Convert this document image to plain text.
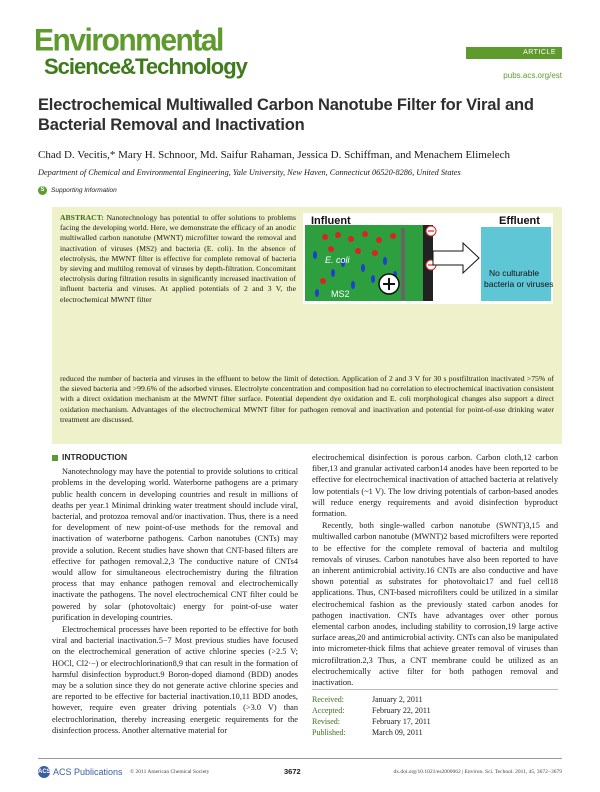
Environmental
Science&Technology
ARTICLE
pubs.acs.org/est
Electrochemical Multiwalled Carbon Nanotube Filter for Viral and Bacterial Removal and Inactivation
Chad D. Vecitis,* Mary H. Schnoor, Md. Saifur Rahaman, Jessica D. Schiffman, and Menachem Elimelech
Department of Chemical and Environmental Engineering, Yale University, New Haven, Connecticut 06520-8286, United States
S	Supporting Information
ABSTRACT: Nanotechnology has potential to offer solutions to problems facing the developing world. Here, we demonstrate the efficacy of an anodic multiwalled carbon nanotube (MWNT) microfilter toward the removal and inactivation of viruses (MS2) and bacteria (E. coli). In the absence of electrolysis, the MWNT filter is effective for complete removal of bacteria by sieving and multilog removal of viruses by depth-filtration. Concomitant electrolysis during filtration results in significantly increased inactivation of influent bacteria and viruses. At applied potentials of 2 and 3 V, the electrochemical MWNT filter
reduced the number of bacteria and viruses in the effluent to below the limit of detection. Application of 2 and 3 V for 30 s postfiltration inactivated >75% of the sieved bacteria and >99.6% of the adsorbed viruses. Electrolyte concentration and composition had no correlation to electrochemical inactivation consistent with a direct oxidation mechanism at the MWNT filter surface. Potential dependent dye oxidation and E. coli morphological changes also support a direct oxidation mechanism. Advantages of the electrochemical MWNT filter for pathogen removal and inactivation and potential for point-of-use drinking water treatment are discussed.
Influent
E. coli
MS2
Effluent
No culturable
bacteria or viruses
INTRODUCTION

Nanotechnology may have the potential to provide solutions to critical problems in the developing world. Waterborne pathogens are a primary public health concern in developing countries and result in millions of deaths per year.1 Minimal drinking water treatment should include viral, bacterial, and protozoa removal and/or inactivation. Thus, there is a need for development of new point-of-use methods for the removal and inactivation of waterborne pathogens. Carbon nanotubes (CNTs) may provide a solution. Recent studies have shown that CNT-based filters are effective for pathogen removal.2,3 The conductive nature of CNTs4 would allow for simultaneous electrochemistry during the filtration process that may enhance pathogen removal and electrochemically inactivate the pathogens. The novel electrochemical CNT filter could be powered by solar (photovoltaic) energy for point-of-use water purification in developing countries.

Electrochemical processes have been reported to be effective for both viral and bacterial inactivation.5−7 Most previous studies have focused on the electrochemical generation of active chlorine species (>2.5 V; HOCl, Cl2·−) or electrochlorination8,9 that can result in the formation of harmful disinfection byproduct.9 Boron-doped diamond (BDD) anodes may be a solution since they do not generate active chlorine species and are reported to be effective for bacterial inactivation.10,11 BDD anodes, however, require even greater driving potentials (>3.0 V) than electrochlorination, thereby increasing energetic requirements for the disinfection process. Another alternative material for

electrochemical disinfection is porous carbon. Carbon cloth,12 carbon fiber,13 and granular activated carbon14 anodes have been reported to be effective for electrochemical inactivation of attached bacteria at relatively low potentials (~1 V). The low driving potentials of carbon-based anodes will reduce energy requirements and avoid disinfection byproduct formation.

Recently, both single-walled carbon nanotube (SWNT)3,15 and multiwalled carbon nanotube (MWNT)2 based microfilters were reported to be effective for the complete removal of bacteria and multilog removals of viruses. Carbon nanotubes have also been reported to have an inherent antimicrobial activity.16 CNTs are also conductive and have shown potential as substrates for photovoltaic17 and fuel cell18 applications. Thus, CNT-based microfilters could be utilized in a similar electrochemical fashion as the previously stated carbon anodes for pathogen inactivation. CNTs have advantages over other porous elemental carbon anodes, including stability to corrosion,19 large active surface areas,20 and antimicrobial activity. CNTs can also be manipulated into micrometer-thick films that achieve greater removal of viruses than microfiltration.2,3 Thus, a CNT membrane could be utilized as an electrochemically active filter for both pathogen removal and inactivation.

Received:	January 2, 2011
Accepted:	February 22, 2011
Revised:	February 17, 2011
Published:	March 09, 2011
ACS ACS Publications © 2011 American Chemical Society	3672	dx.doi.org/10.1021/es2000062 | Environ. Sci. Technol. 2011, 45, 3672−3679
